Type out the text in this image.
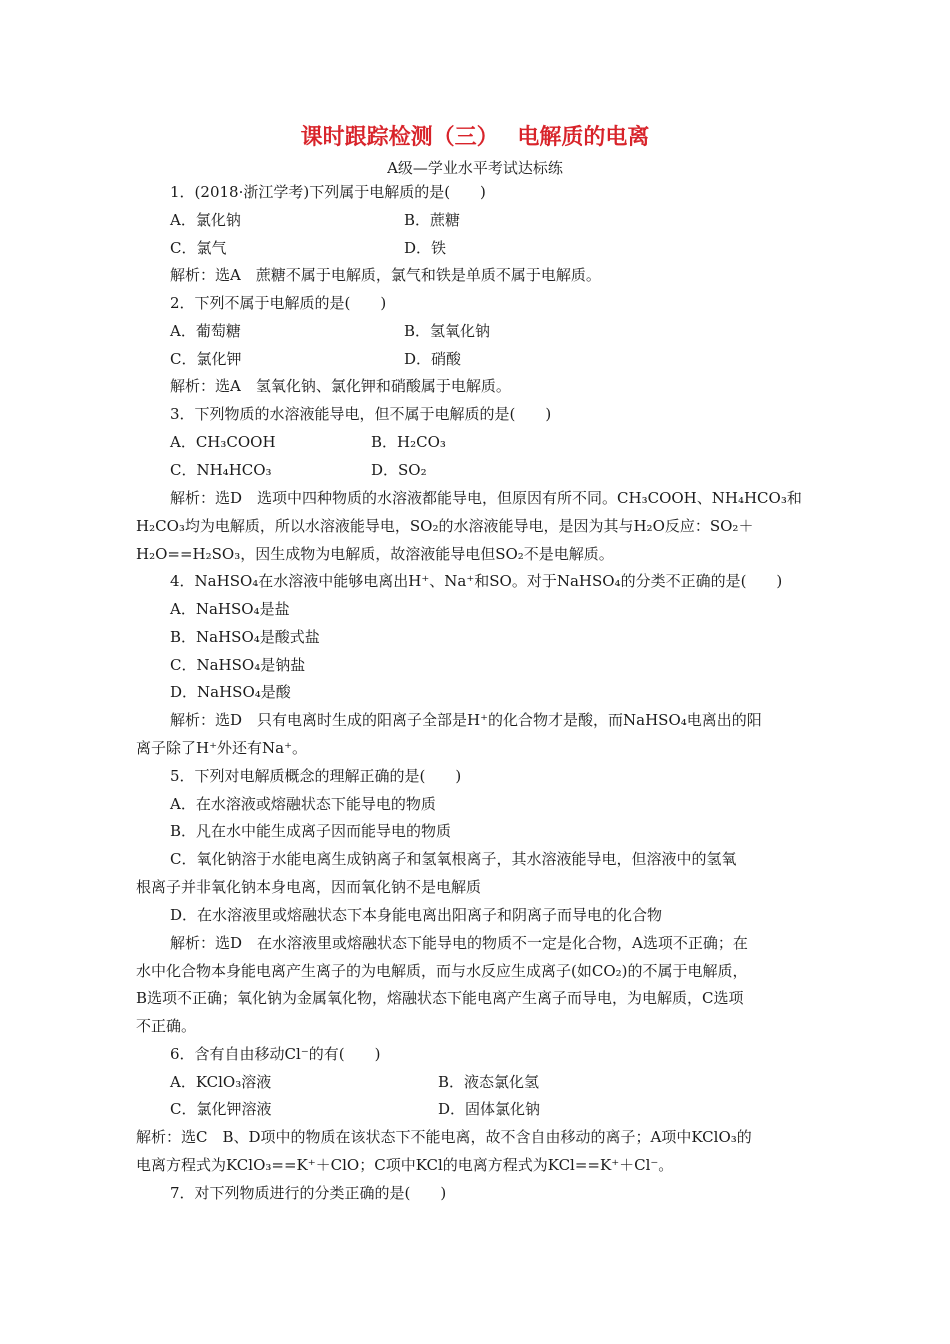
课时跟踪检测（三）　 电解质的电离
A级—学业水平考试达标练
1．(2018·浙江学考)下列属于电解质的是(　　)
A．氯化钠	B．蔗糖
C．氯气	D．铁
解析：选A　蔗糖不属于电解质，氯气和铁是单质不属于电解质。
2．下列不属于电解质的是(　　)
A．葡萄糖	B．氢氧化钠
C．氯化钾	D．硝酸
解析：选A　氢氧化钠、氯化钾和硝酸属于电解质。
3．下列物质的水溶液能导电，但不属于电解质的是(　　)
A．CH₃COOH	B．H₂CO₃
C．NH₄HCO₃	D．SO₂
解析：选D　选项中四种物质的水溶液都能导电，但原因有所不同。CH₃COOH、NH₄HCO₃和
H₂CO₃均为电解质，所以水溶液能导电，SO₂的水溶液能导电，是因为其与H₂O反应：SO₂＋
H₂O==H₂SO₃，因生成物为电解质，故溶液能导电但SO₂不是电解质。
4．NaHSO₄在水溶液中能够电离出H⁺、Na⁺和SO。对于NaHSO₄的分类不正确的是(　　)
A．NaHSO₄是盐
B．NaHSO₄是酸式盐
C．NaHSO₄是钠盐
D．NaHSO₄是酸
解析：选D　只有电离时生成的阳离子全部是H⁺的化合物才是酸，而NaHSO₄电离出的阳
离子除了H⁺外还有Na⁺。
5．下列对电解质概念的理解正确的是(　　)
A．在水溶液或熔融状态下能导电的物质
B．凡在水中能生成离子因而能导电的物质
C．氧化钠溶于水能电离生成钠离子和氢氧根离子，其水溶液能导电，但溶液中的氢氧
根离子并非氧化钠本身电离，因而氧化钠不是电解质
D．在水溶液里或熔融状态下本身能电离出阳离子和阴离子而导电的化合物
解析：选D　在水溶液里或熔融状态下能导电的物质不一定是化合物，A选项不正确；在
水中化合物本身能电离产生离子的为电解质，而与水反应生成离子(如CO₂)的不属于电解质，
B选项不正确；氧化钠为金属氧化物，熔融状态下能电离产生离子而导电，为电解质，C选项
不正确。
6．含有自由移动Cl⁻的有(　　)
A．KClO₃溶液	B．液态氯化氢
C．氯化钾溶液	D．固体氯化钠
解析：选C　B、D项中的物质在该状态下不能电离，故不含自由移动的离子；A项中KClO₃的
电离方程式为KClO₃==K⁺＋ClO；C项中KCl的电离方程式为KCl==K⁺＋Cl⁻。
7．对下列物质进行的分类正确的是(　　)
